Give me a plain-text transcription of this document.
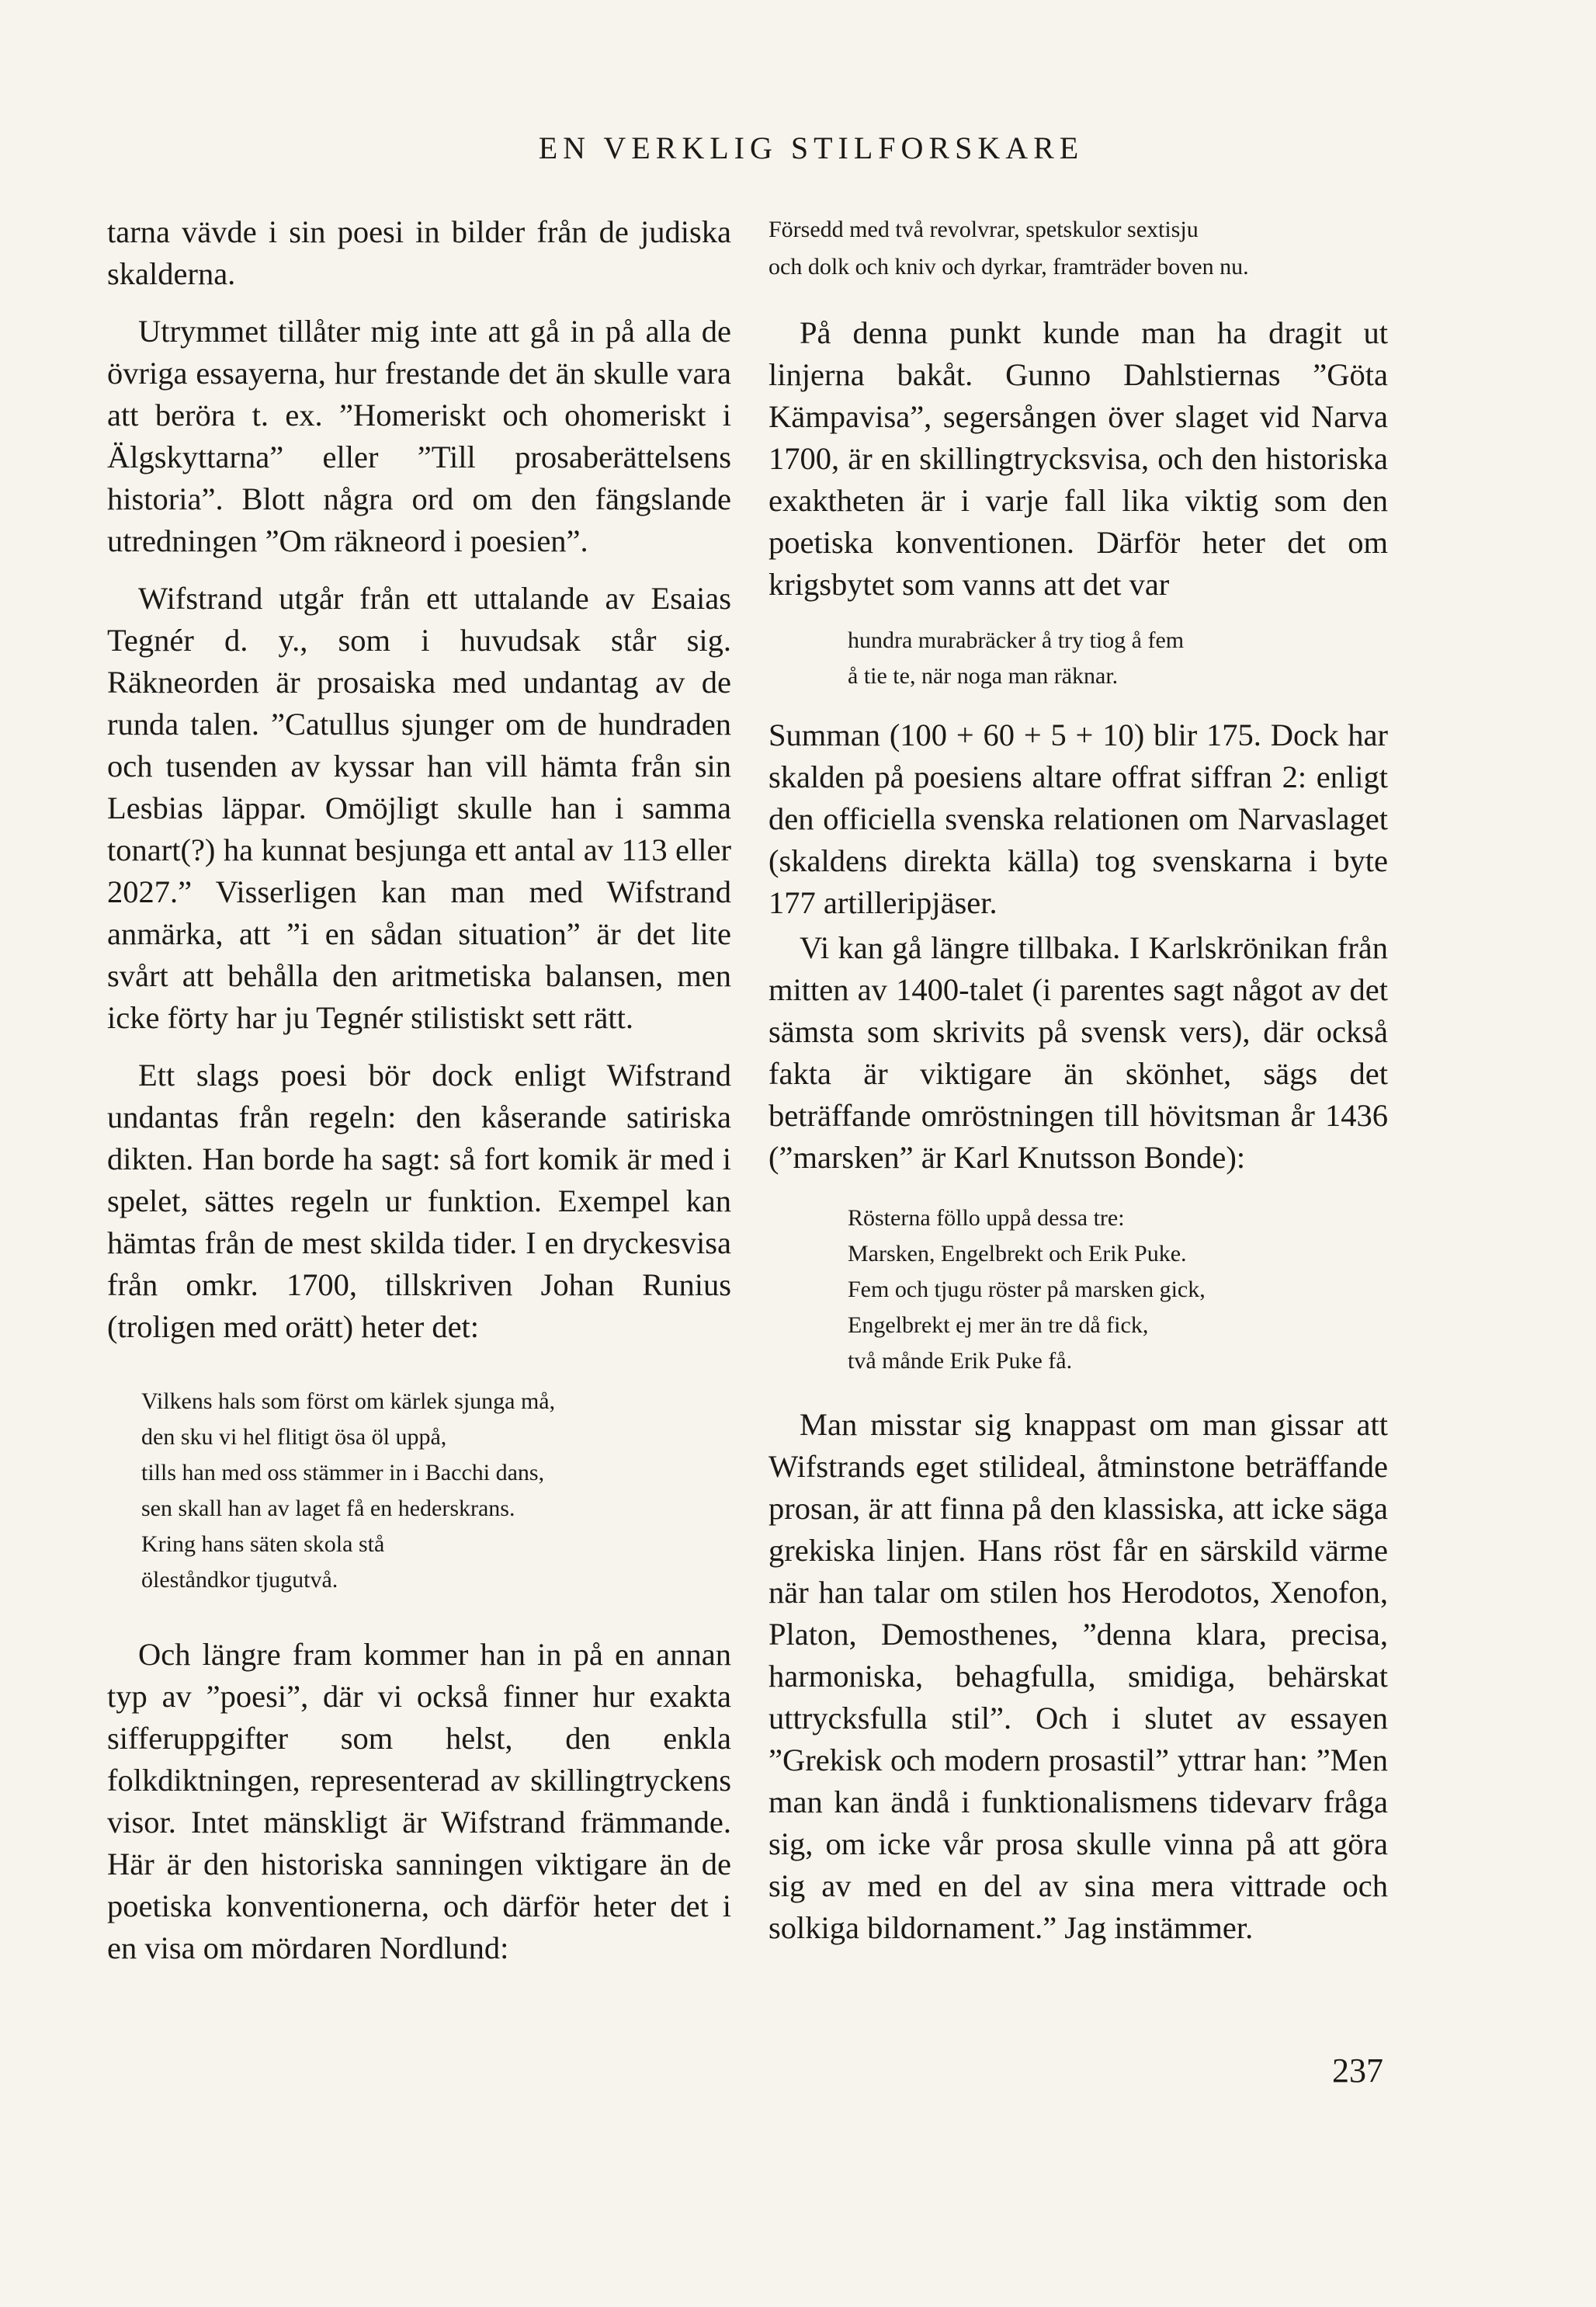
EN VERKLIG STILFORSKARE

tarna vävde i sin poesi in bilder från de judiska skalderna.

Utrymmet tillåter mig inte att gå in på alla de övriga essayerna, hur frestande det än skulle vara att beröra t. ex. ”Homeriskt och ohomeriskt i Älgskyttarna” eller ”Till prosaberättelsens historia”. Blott några ord om den fängslande utredningen ”Om räkneord i poesien”.

Wifstrand utgår från ett uttalande av Esaias Tegnér d. y., som i huvudsak står sig. Räkneorden är prosaiska med undantag av de runda talen. ”Catullus sjunger om de hundraden och tusenden av kyssar han vill hämta från sin Lesbias läppar. Omöjligt skulle han i samma tonart(?) ha kunnat besjunga ett antal av 113 eller 2027.” Visserligen kan man med Wifstrand anmärka, att ”i en sådan situation” är det lite svårt att behålla den aritmetiska balansen, men icke förty har ju Tegnér stilistiskt sett rätt.

Ett slags poesi bör dock enligt Wifstrand undantas från regeln: den kåserande satiriska dikten. Han borde ha sagt: så fort komik är med i spelet, sättes regeln ur funktion. Exempel kan hämtas från de mest skilda tider. I en dryckesvisa från omkr. 1700, tillskriven Johan Runius (troligen med orätt) heter det:

Vilkens hals som först om kärlek sjunga må,
den sku vi hel flitigt ösa öl uppå,
tills han med oss stämmer in i Bacchi dans,
sen skall han av laget få en hederskrans.
Kring hans säten skola stå
öleståndkor tjugutvå.

Och längre fram kommer han in på en annan typ av ”poesi”, där vi också finner hur exakta sifferuppgifter som helst, den enkla folkdiktningen, representerad av skillingtryckens visor. Intet mänskligt är Wifstrand främmande. Här är den historiska sanningen viktigare än de poetiska konventionerna, och därför heter det i en visa om mördaren Nordlund:

Försedd med två revolvrar, spetskulor sextisju
och dolk och kniv och dyrkar, framträder boven nu.

På denna punkt kunde man ha dragit ut linjerna bakåt. Gunno Dahlstiernas ”Göta Kämpavisa”, segersången över slaget vid Narva 1700, är en skillingtrycksvisa, och den historiska exaktheten är i varje fall lika viktig som den poetiska konventionen. Därför heter det om krigsbytet som vanns att det var

hundra murabräcker å try tiog å fem
å tie te, när noga man räknar.

Summan (100 + 60 + 5 + 10) blir 175. Dock har skalden på poesiens altare offrat siffran 2: enligt den officiella svenska relationen om Narvaslaget (skaldens direkta källa) tog svenskarna i byte 177 artilleripjäser.

Vi kan gå längre tillbaka. I Karlskrönikan från mitten av 1400-talet (i parentes sagt något av det sämsta som skrivits på svensk vers), där också fakta är viktigare än skönhet, sägs det beträffande omröstningen till hövitsman år 1436 (”marsken” är Karl Knutsson Bonde):

Rösterna föllo uppå dessa tre:
Marsken, Engelbrekt och Erik Puke.
Fem och tjugu röster på marsken gick,
Engelbrekt ej mer än tre då fick,
två månde Erik Puke få.

Man misstar sig knappast om man gissar att Wifstrands eget stilideal, åtminstone beträffande prosan, är att finna på den klassiska, att icke säga grekiska linjen. Hans röst får en särskild värme när han talar om stilen hos Herodotos, Xenofon, Platon, Demosthenes, ”denna klara, precisa, harmoniska, behagfulla, smidiga, behärskat uttrycksfulla stil”. Och i slutet av essayen ”Grekisk och modern prosastil” yttrar han: ”Men man kan ändå i funktionalismens tidevarv fråga sig, om icke vår prosa skulle vinna på att göra sig av med en del av sina mera vittrade och solkiga bildornament.” Jag instämmer.

237
